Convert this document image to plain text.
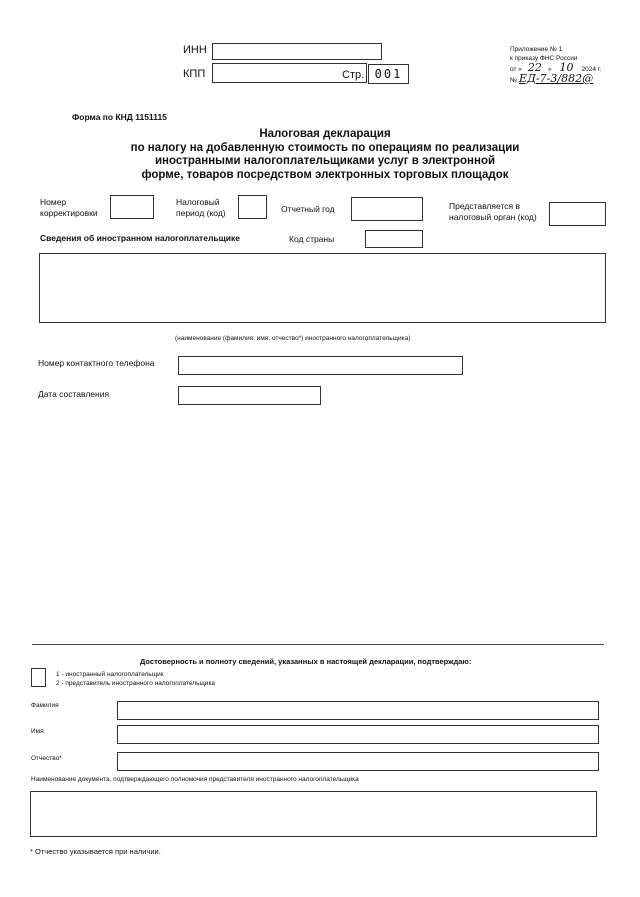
ИНН
КПП	Стр. 001
Приложение № 1
к приказу ФНС России
от « 22 » 10 2024 г.
№ ЕД-7-3/882@
Форма по КНД 1151115
Налоговая декларация
по налогу на добавленную стоимость по операциям по реализации
иностранными налогоплательщиками услуг в электронной
форме, товаров посредством электронных торговых площадок
Номер
корректировки
Налоговый
период (код)	Отчетный год	Представляется в
налоговый орган (код)
Сведения об иностранном налогоплательщике	Код страны
(наименование (фамилия, имя, отчество*) иностранного налогоплательщика)
Номер контактного телефона
Дата составления
Достоверность и полноту сведений, указанных в настоящей декларации, подтверждаю:
1 - иностранный налогоплательщик
2 - представитель иностранного налогоплательщика
Фамилия
Имя
Отчество*
Наименование документа, подтверждающего полномочия представителя иностранного налогоплательщика
* Отчество указывается при наличии.
